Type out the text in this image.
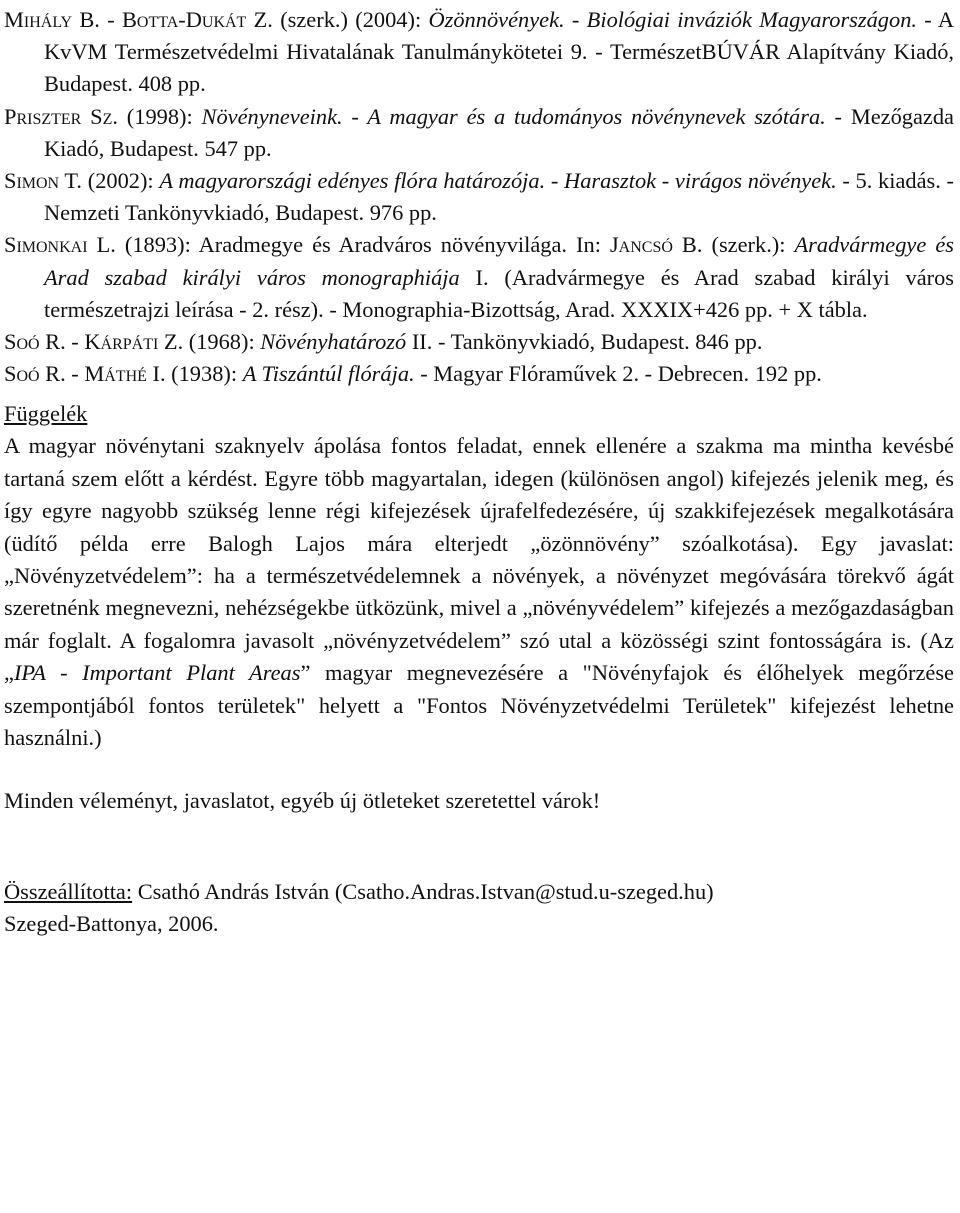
Mihály B. - Botta-Dukát Z. (szerk.) (2004): Özönnövények. - Biológiai inváziók Magyarországon. - A KvVM Természetvédelmi Hivatalának Tanulmánykötetei 9. - TermészetBÚVÁR Alapítvány Kiadó, Budapest. 408 pp.

Priszter Sz. (1998): Növényneveink. - A magyar és a tudományos növénynevek szótára. - Mezőgazda Kiadó, Budapest. 547 pp.

Simon T. (2002): A magyarországi edényes flóra határozója. - Harasztok - virágos növények. - 5. kiadás. - Nemzeti Tankönyvkiadó, Budapest. 976 pp.

Simonkai L. (1893): Aradmegye és Aradváros növényvilága. In: Jancsó B. (szerk.): Aradvármegye és Arad szabad királyi város monographiája I. (Aradvármegye és Arad szabad királyi város természetrajzi leírása - 2. rész). - Monographia-Bizottság, Arad. XXXIX+426 pp. + X tábla.

Soó R. - Kárpáti Z. (1968): Növényhatározó II. - Tankönyvkiadó, Budapest. 846 pp.

Soó R. - Máthé I. (1938): A Tiszántúl flórája. - Magyar Flóraművek 2. - Debrecen. 192 pp.

Függelék

A magyar növénytani szaknyelv ápolása fontos feladat, ennek ellenére a szakma ma mintha kevésbé tartaná szem előtt a kérdést. Egyre több magyartalan, idegen (különösen angol) kifejezés jelenik meg, és így egyre nagyobb szükség lenne régi kifejezések újrafelfedezésére, új szakkifejezések megalkotására (üdítő példa erre Balogh Lajos mára elterjedt „özönnövény” szóalkotása). Egy javaslat: „Növényzetvédelem”: ha a természetvédelemnek a növények, a növényzet megóvására törekvő ágát szeretnénk megnevezni, nehézségekbe ütközünk, mivel a „növényvédelem” kifejezés a mezőgazdaságban már foglalt. A fogalomra javasolt „növényzetvédelem” szó utal a közösségi szint fontosságára is. (Az „IPA - Important Plant Areas” magyar megnevezésére a "Növényfajok és élőhelyek megőrzése szempontjából fontos területek" helyett a "Fontos Növényzetvédelmi Területek" kifejezést lehetne használni.)

Minden véleményt, javaslatot, egyéb új ötleteket szeretettel várok!

Összeállította: Csathó András István (Csatho.Andras.Istvan@stud.u-szeged.hu)
Szeged-Battonya, 2006.
